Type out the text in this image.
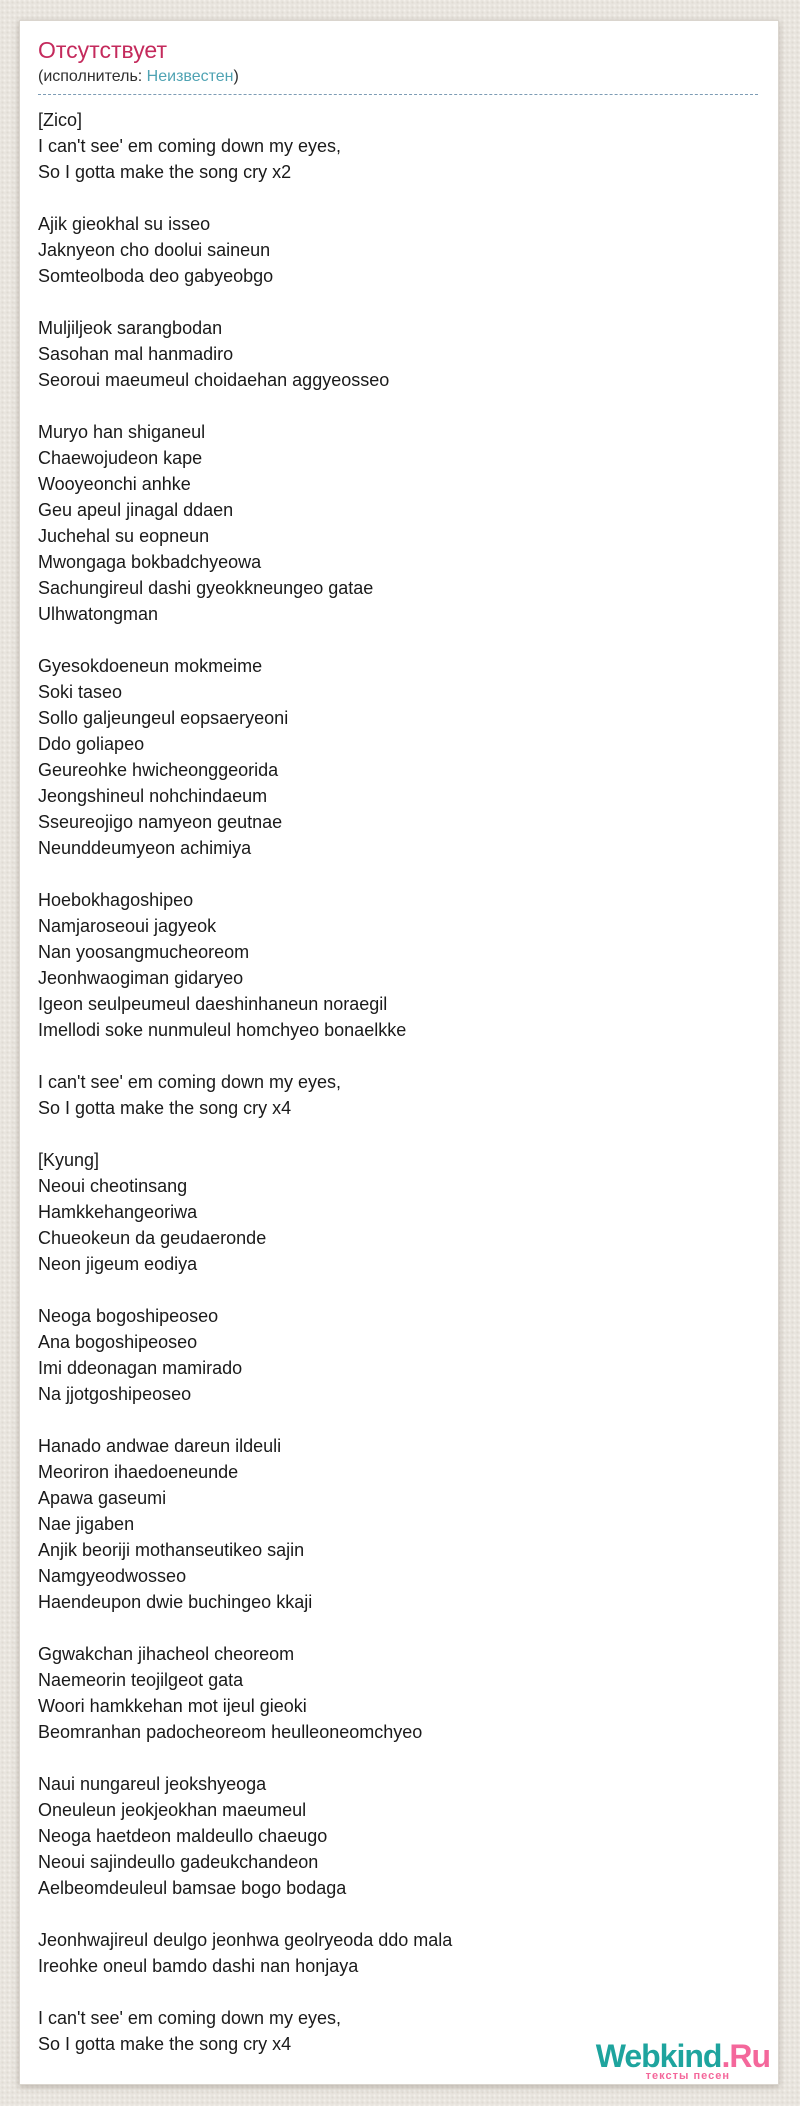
Отсутствует
(исполнитель: Неизвестен)
[Zico]
I can't see' em coming down my eyes,
So I gotta make the song cry x2

Ajik gieokhal su isseo
Jaknyeon cho doolui saineun
Somteolboda deo gabyeobgo

Muljiljeok sarangbodan
Sasohan mal hanmadiro
Seoroui maeumeul choidaehan aggyeosseo

Muryo han shiganeul
Chaewojudeon kape
Wooyeonchi anhke
Geu apeul jinagal ddaen
Juchehal su eopneun
Mwongaga bokbadchyeowa
Sachungireul dashi gyeokkneungeo gatae
Ulhwatongman

Gyesokdoeneun mokmeime
Soki taseo
Sollo galjeungeul eopsaeryeoni
Ddo goliapeo
Geureohke hwicheonggeorida
Jeongshineul nohchindaeum
Sseureojigo namyeon geutnae
Neunddeumyeon achimiya

Hoebokhagoshipeo
Namjaroseoui jagyeok
Nan yoosangmucheoreom
Jeonhwaogiman gidaryeo
Igeon seulpeumeul daeshinhaneun noraegil
Imellodi soke nunmuleul homchyeo bonaelkke

I can't see' em coming down my eyes,
So I gotta make the song cry x4

[Kyung]
Neoui cheotinsang
Hamkkehangeoriwa
Chueokeun da geudaeronde
Neon jigeum eodiya

Neoga bogoshipeoseo
Ana bogoshipeoseo
Imi ddeonagan mamirado
Na jjotgoshipeoseo

Hanado andwae dareun ildeuli
Meoriron ihaedoeneunde
Apawa gaseumi
Nae jigaben
Anjik beoriji mothanseutikeo sajin
Namgyeodwosseo
Haendeupon dwie buchingeo kkaji

Ggwakchan jihacheol cheoreom
Naemeorin teojilgeot gata
Woori hamkkehan mot ijeul gieoki
Beomranhan padocheoreom heulleoneomchyeo

Naui nungareul jeokshyeoga
Oneuleun jeokjeokhan maeumeul
Neoga haetdeon maldeullo chaeugo
Neoui sajindeullo gadeukchandeon
Aelbeomdeuleul bamsae bogo bodaga

Jeonhwajireul deulgo jeonhwa geolryeoda ddo mala
Ireohke oneul bamdo dashi nan honjaya

I can't see' em coming down my eyes,
So I gotta make the song cry x4	Webkind.Ru
тексты песен
